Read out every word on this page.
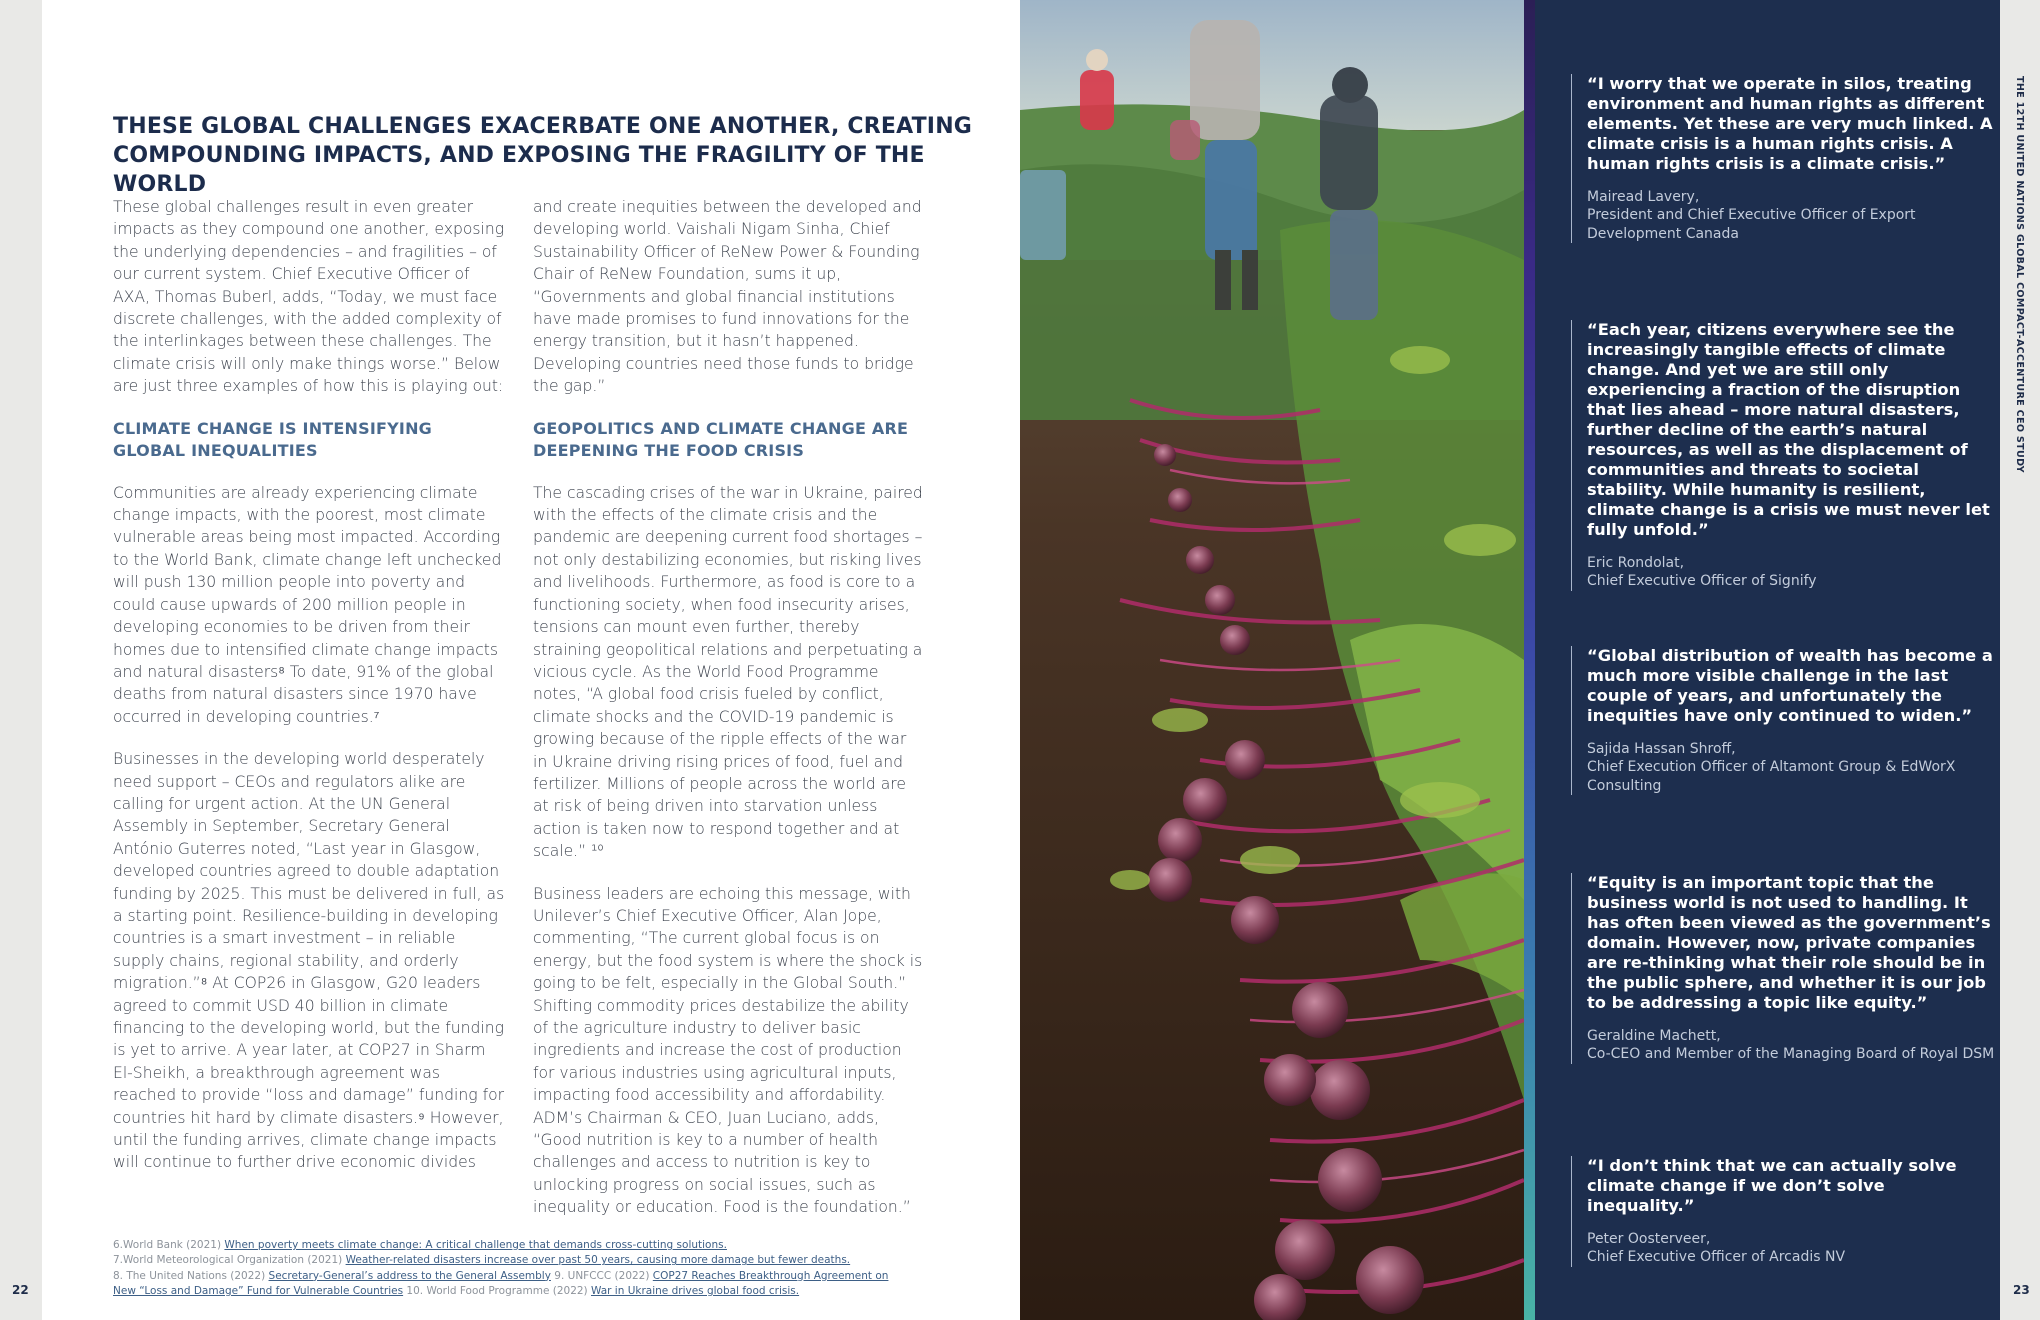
22
THESE GLOBAL CHALLENGES EXACERBATE ONE ANOTHER, CREATING COMPOUNDING IMPACTS, AND EXPOSING THE FRAGILITY OF THE WORLD

These global challenges result in even greater impacts as they compound one another, exposing the underlying dependencies – and fragilities – of our current system. Chief Executive Officer of AXA, Thomas Buberl, adds, “Today, we must face discrete challenges, with the added complexity of the interlinkages between these challenges. The climate crisis will only make things worse.” Below are just three examples of how this is playing out:

CLIMATE CHANGE IS INTENSIFYING GLOBAL INEQUALITIES

Communities are already experiencing climate change impacts, with the poorest, most climate vulnerable areas being most impacted. According to the World Bank, climate change left unchecked will push 130 million people into poverty and could cause upwards of 200 million people in developing economies to be driven from their homes due to intensified climate change impacts and natural disasters⁸ To date, 91% of the global deaths from natural disasters since 1970 have occurred in developing countries.⁷

Businesses in the developing world desperately need support – CEOs and regulators alike are calling for urgent action. At the UN General Assembly in September, Secretary General António Guterres noted, “Last year in Glasgow, developed countries agreed to double adaptation funding by 2025. This must be delivered in full, as a starting point. Resilience-building in developing countries is a smart investment – in reliable supply chains, regional stability, and orderly migration.”⁸ At COP26 in Glasgow, G20 leaders agreed to commit USD 40 billion in climate financing to the developing world, but the funding is yet to arrive. A year later, at COP27 in Sharm El-Sheikh, a breakthrough agreement was reached to provide “loss and damage” funding for countries hit hard by climate disasters.⁹ However, until the funding arrives, climate change impacts will continue to further drive economic divides

and create inequities between the developed and developing world. Vaishali Nigam Sinha, Chief Sustainability Officer of ReNew Power & Founding Chair of ReNew Foundation, sums it up, “Governments and global financial institutions have made promises to fund innovations for the energy transition, but it hasn’t happened. Developing countries need those funds to bridge the gap.”

GEOPOLITICS AND CLIMATE CHANGE ARE DEEPENING THE FOOD CRISIS

The cascading crises of the war in Ukraine, paired with the effects of the climate crisis and the pandemic are deepening current food shortages – not only destabilizing economies, but risking lives and livelihoods. Furthermore, as food is core to a functioning society, when food insecurity arises, tensions can mount even further, thereby straining geopolitical relations and perpetuating a vicious cycle. As the World Food Programme notes, “A global food crisis fueled by conflict, climate shocks and the COVID-19 pandemic is growing because of the ripple effects of the war in Ukraine driving rising prices of food, fuel and fertilizer. Millions of people across the world are at risk of being driven into starvation unless action is taken now to respond together and at scale.” ¹⁰

Business leaders are echoing this message, with Unilever’s Chief Executive Officer, Alan Jope, commenting, “The current global focus is on energy, but the food system is where the shock is going to be felt, especially in the Global South.” Shifting commodity prices destabilize the ability of the agriculture industry to deliver basic ingredients and increase the cost of production for various industries using agricultural inputs, impacting food accessibility and affordability. ADM’s Chairman & CEO, Juan Luciano, adds, “Good nutrition is key to a number of health challenges and access to nutrition is key to unlocking progress on social issues, such as inequality or education. Food is the foundation.”

6.World Bank (2021) When poverty meets climate change: A critical challenge that demands cross-cutting solutions.
7.World Meteorological Organization (2021) Weather-related disasters increase over past 50 years, causing more damage but fewer deaths.
8. The United Nations (2022) Secretary-General’s address to the General Assembly 9. UNFCCC (2022) COP27 Reaches Breakthrough Agreement on New “Loss and Damage” Fund for Vulnerable Countries 10. World Food Programme (2022) War in Ukraine drives global food crisis.
THE 12TH UNITED NATIONS GLOBAL COMPACT-ACCENTURE CEO STUDY
23

“I worry that we operate in silos, treating environment and human rights as different elements. Yet these are very much linked. A climate crisis is a human rights crisis. A human rights crisis is a climate crisis.”

Mairead Lavery,

President and Chief Executive Officer of Export Development Canada

“Each year, citizens everywhere see the increasingly tangible effects of climate change. And yet we are still only experiencing a fraction of the disruption that lies ahead – more natural disasters, further decline of the earth’s natural resources, as well as the displacement of communities and threats to societal stability. While humanity is resilient, climate change is a crisis we must never let fully unfold.”

Eric Rondolat,

Chief Executive Officer of Signify

“Global distribution of wealth has become a much more visible challenge in the last couple of years, and unfortunately the inequities have only continued to widen.”

Sajida Hassan Shroff,

Chief Execution Officer of Altamont Group & EdWorX Consulting

“Equity is an important topic that the business world is not used to handling. It has often been viewed as the government’s domain. However, now, private companies are re-thinking what their role should be in the public sphere, and whether it is our job to be addressing a topic like equity.”

Geraldine Machett,

Co-CEO and Member of the Managing Board of Royal DSM

“I don’t think that we can actually solve climate change if we don’t solve inequality.”

Peter Oosterveer,

Chief Executive Officer of Arcadis NV
